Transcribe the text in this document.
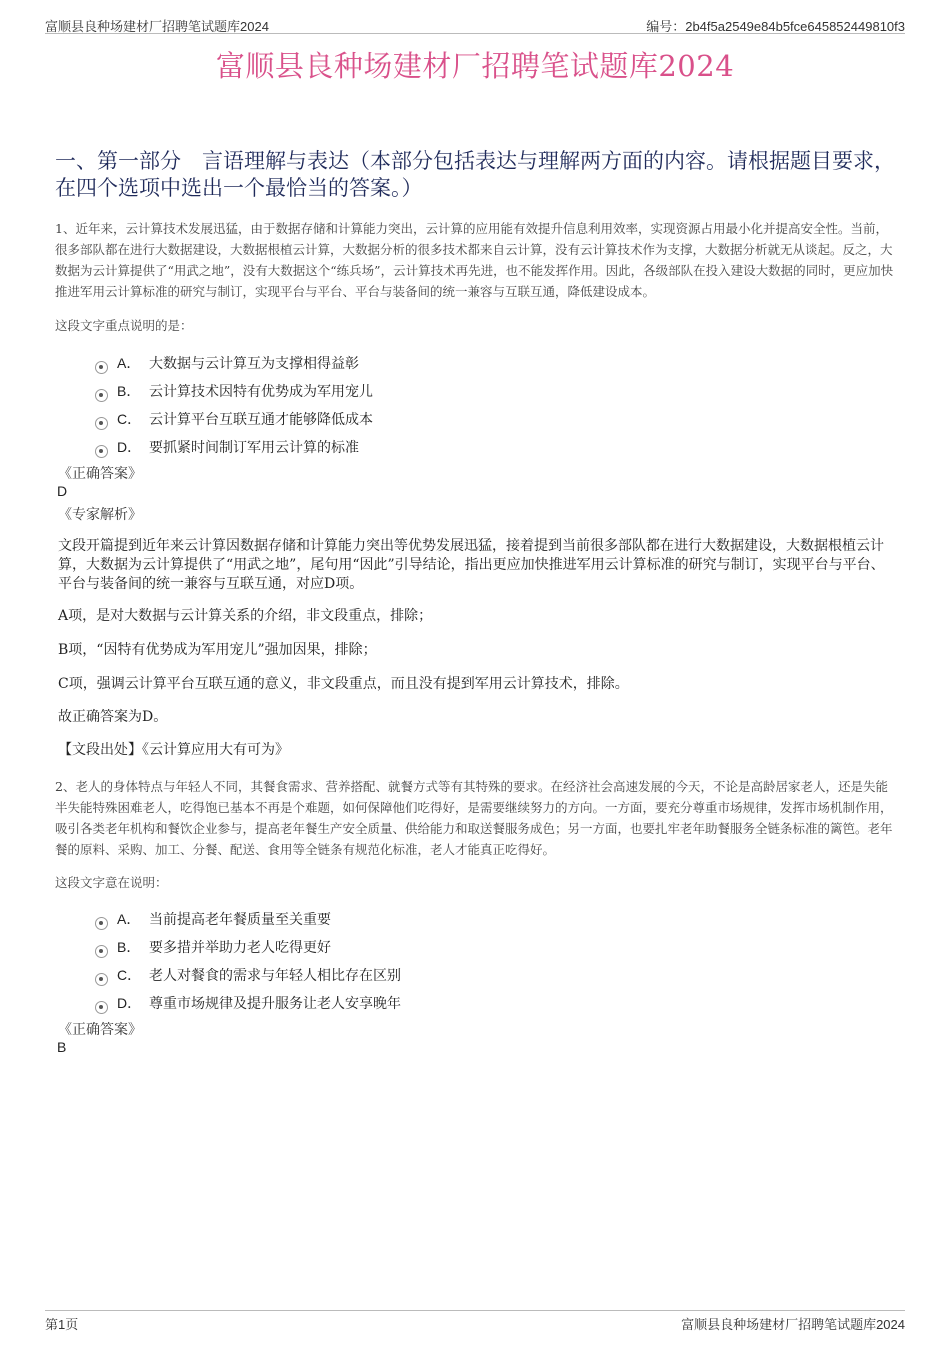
富顺县良种场建材厂招聘笔试题库2024	编号：2b4f5a2549e84b5fce645852449810f3
富顺县良种场建材厂招聘笔试题库2024
一、第一部分　言语理解与表达（本部分包括表达与理解两方面的内容。请根据题目要求，在四个选项中选出一个最恰当的答案。）
1、近年来，云计算技术发展迅猛，由于数据存储和计算能力突出，云计算的应用能有效提升信息利用效率，实现资源占用最小化并提高安全性。当前，很多部队都在进行大数据建设，大数据根植云计算，大数据分析的很多技术都来自云计算，没有云计算技术作为支撑，大数据分析就无从谈起。反之，大数据为云计算提供了“用武之地”，没有大数据这个“练兵场”，云计算技术再先进，也不能发挥作用。因此，各级部队在投入建设大数据的同时，更应加快推进军用云计算标准的研究与制订，实现平台与平台、平台与装备间的统一兼容与互联互通，降低建设成本。
这段文字重点说明的是：
A． 大数据与云计算互为支撑相得益彰
B． 云计算技术因特有优势成为军用宠儿
C． 云计算平台互联互通才能够降低成本
D． 要抓紧时间制订军用云计算的标准
《正确答案》
D
《专家解析》
文段开篇提到近年来云计算因数据存储和计算能力突出等优势发展迅猛，接着提到当前很多部队都在进行大数据建设，大数据根植云计算，大数据为云计算提供了“用武之地”，尾句用“因此”引导结论，指出更应加快推进军用云计算标准的研究与制订，实现平台与平台、平台与装备间的统一兼容与互联互通，对应D项。
A项，是对大数据与云计算关系的介绍，非文段重点，排除；
B项，“因特有优势成为军用宠儿”强加因果，排除；
C项，强调云计算平台互联互通的意义，非文段重点，而且没有提到军用云计算技术，排除。
故正确答案为D。
【文段出处】《云计算应用大有可为》
2、老人的身体特点与年轻人不同，其餐食需求、营养搭配、就餐方式等有其特殊的要求。在经济社会高速发展的今天，不论是高龄居家老人，还是失能半失能特殊困难老人，吃得饱已基本不再是个难题，如何保障他们吃得好，是需要继续努力的方向。一方面，要充分尊重市场规律，发挥市场机制作用，吸引各类老年机构和餐饮企业参与，提高老年餐生产安全质量、供给能力和取送餐服务成色；另一方面，也要扎牢老年助餐服务全链条标准的篱笆。老年餐的原料、采购、加工、分餐、配送、食用等全链条有规范化标准，老人才能真正吃得好。
这段文字意在说明：
A． 当前提高老年餐质量至关重要
B． 要多措并举助力老人吃得更好
C． 老人对餐食的需求与年轻人相比存在区别
D． 尊重市场规律及提升服务让老人安享晚年
《正确答案》
B
第1页	富顺县良种场建材厂招聘笔试题库2024
